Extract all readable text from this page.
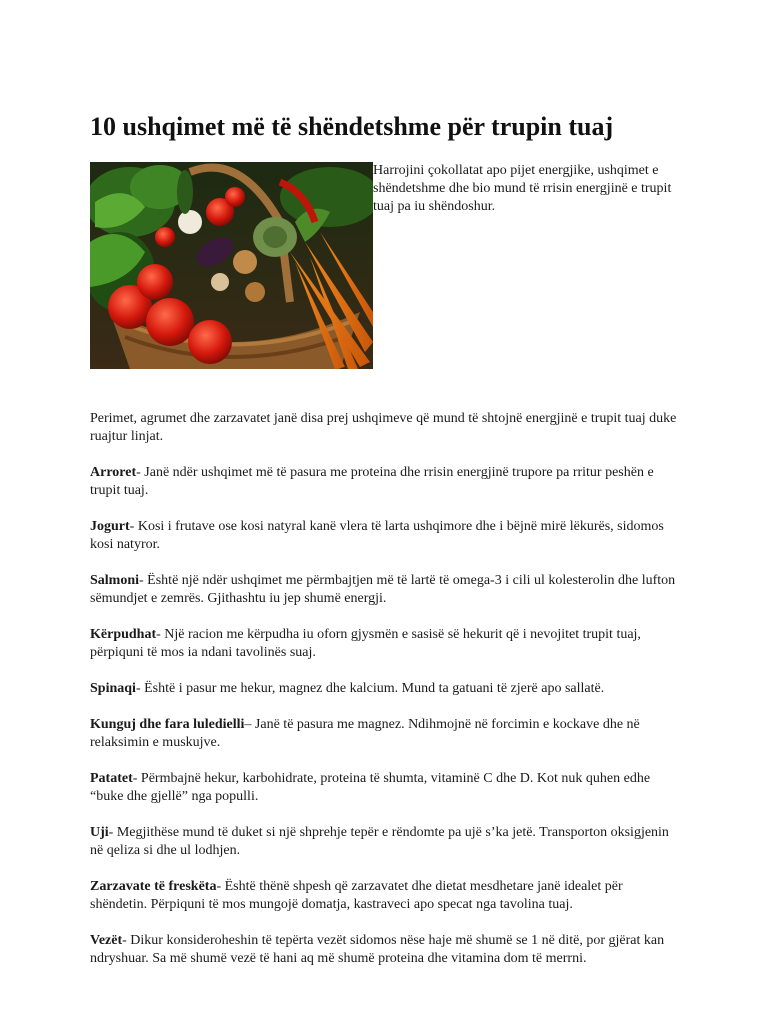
10 ushqimet më të shëndetshme për trupin tuaj
Harrojini çokollatat apo pijet energjike, ushqimet e shëndetshme dhe bio mund të rrisin energjinë e trupit tuaj pa iu shëndoshur.

Perimet, agrumet dhe zarzavatet janë disa prej ushqimeve që mund të shtojnë energjinë e trupit tuaj duke ruajtur linjat.

Arroret- Janë ndër ushqimet më të pasura me proteina dhe rrisin energjinë trupore pa rritur peshën e trupit tuaj.

Jogurt- Kosi i frutave ose kosi natyral kanë vlera të larta ushqimore dhe i bëjnë mirë lëkurës, sidomos kosi natyror.

Salmoni- Është një ndër ushqimet me përmbajtjen më të lartë të omega-3 i cili ul kolesterolin dhe lufton sëmundjet e zemrës. Gjithashtu iu jep shumë energji.

Kërpudhat- Një racion me kërpudha iu oforn gjysmën e sasisë së hekurit që i nevojitet trupit tuaj, përpiquni të mos ia ndani tavolinës suaj.

Spinaqi- Është i pasur me hekur, magnez dhe kalcium. Mund ta gatuani të zjerë apo sallatë.

Kunguj dhe fara luledielli– Janë të pasura me magnez. Ndihmojnë në forcimin e kockave dhe në relaksimin e muskujve.

Patatet- Përmbajnë hekur, karbohidrate, proteina të shumta, vitaminë C dhe D. Kot nuk quhen edhe “buke dhe gjellë” nga populli.

Uji- Megjithëse mund të duket si një shprehje tepër e rëndomte pa ujë s’ka jetë. Transporton oksigjenin në qeliza si dhe ul lodhjen.

Zarzavate të freskëta- Është thënë shpesh që zarzavatet dhe dietat mesdhetare janë idealet për shëndetin. Përpiquni të mos mungojë domatja, kastraveci apo specat nga tavolina tuaj.

Vezët- Dikur konsideroheshin të tepërta vezët sidomos nëse haje më shumë se 1 në ditë, por gjërat kan ndryshuar. Sa më shumë vezë të hani aq më shumë proteina dhe vitamina dom të merrni.
